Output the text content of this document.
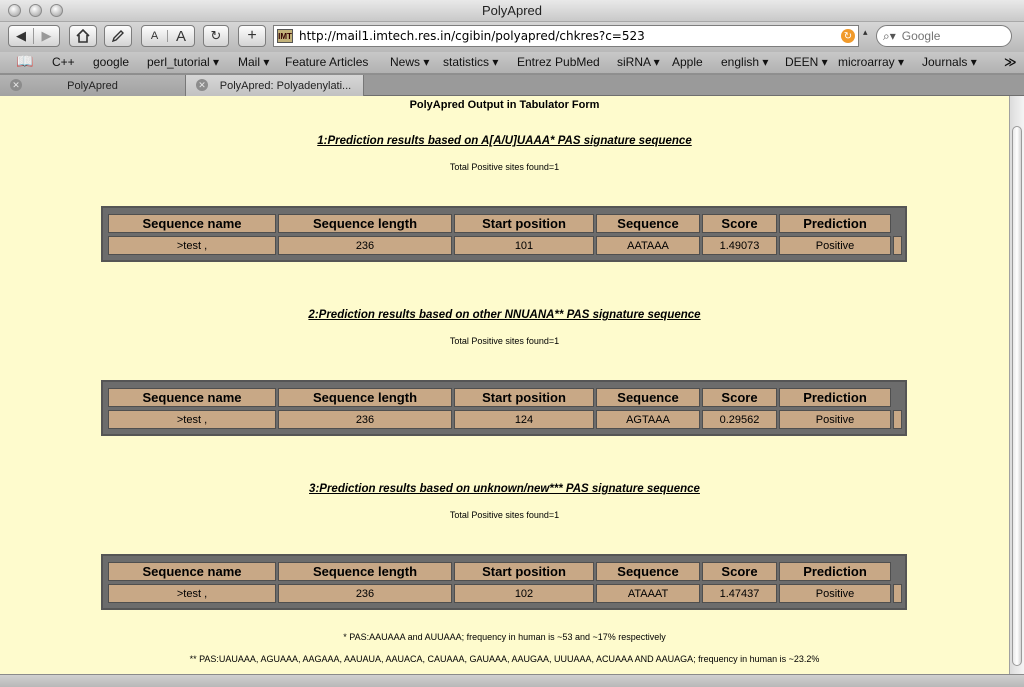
PolyApred
◀	▶	A	A	↻ +	IMT http://mail1.imtech.res.in/cgibin/polyapred/chkres?c=523	↻	▴ ⌕▾
Google
📖 C++ google perl_tutorial ▾ Mail ▾ Feature Articles News ▾ statistics ▾ Entrez PubMed siRNA ▾ Apple english ▾ DEEN ▾ microarray ▾ Journals ▾ ≫
✕	PolyApred	✕	PolyApred: Polyadenylati...
PolyApred Output in Tabulator Form
1:Prediction results based on A[A/U]UAAA* PAS signature sequence
Total Positive sites found=1
Sequence name	Sequence length	Start position	Sequence	Score	Prediction
>test ,	236	101	AATAAA	1.49073	Positive
2:Prediction results based on other NNUANA** PAS signature sequence
Total Positive sites found=1
Sequence name	Sequence length	Start position	Sequence	Score	Prediction
>test ,	236	124	AGTAAA	0.29562	Positive
3:Prediction results based on unknown/new*** PAS signature sequence
Total Positive sites found=1
Sequence name	Sequence length	Start position	Sequence	Score	Prediction
>test ,	236	102	ATAAAT	1.47437	Positive
* PAS:AAUAAA and AUUAAA; frequency in human is ~53 and ~17% respectively
** PAS:UAUAAA, AGUAAA, AAGAAA, AAUAUA, AAUACA, CAUAAA, GAUAAA, AAUGAA, UUUAAA, ACUAAA AND AAUAGA; frequency in human is ~23.2%
